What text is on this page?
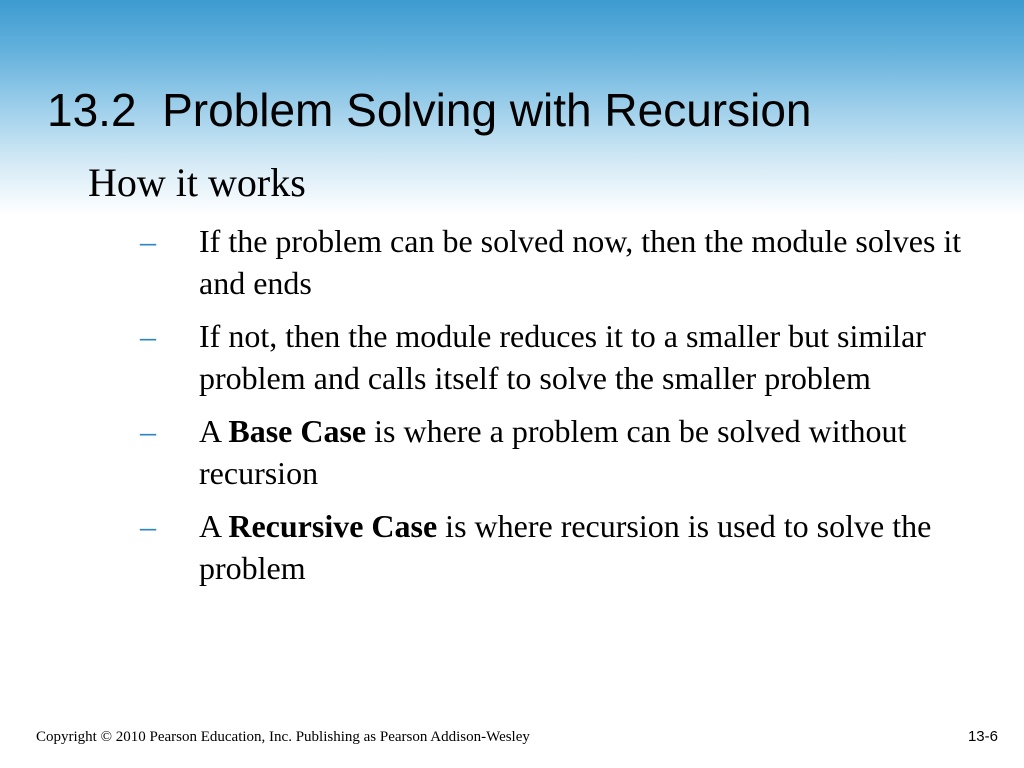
13.2  Problem Solving with Recursion
How it works
– If the problem can be solved now, then the module solves it and ends
– If not, then the module reduces it to a smaller but similar problem and calls itself to solve the smaller problem
– A Base Case is where a problem can be solved without recursion
– A Recursive Case is where recursion is used to solve the problem
Copyright © 2010 Pearson Education, Inc. Publishing as Pearson Addison-Wesley	13-6
